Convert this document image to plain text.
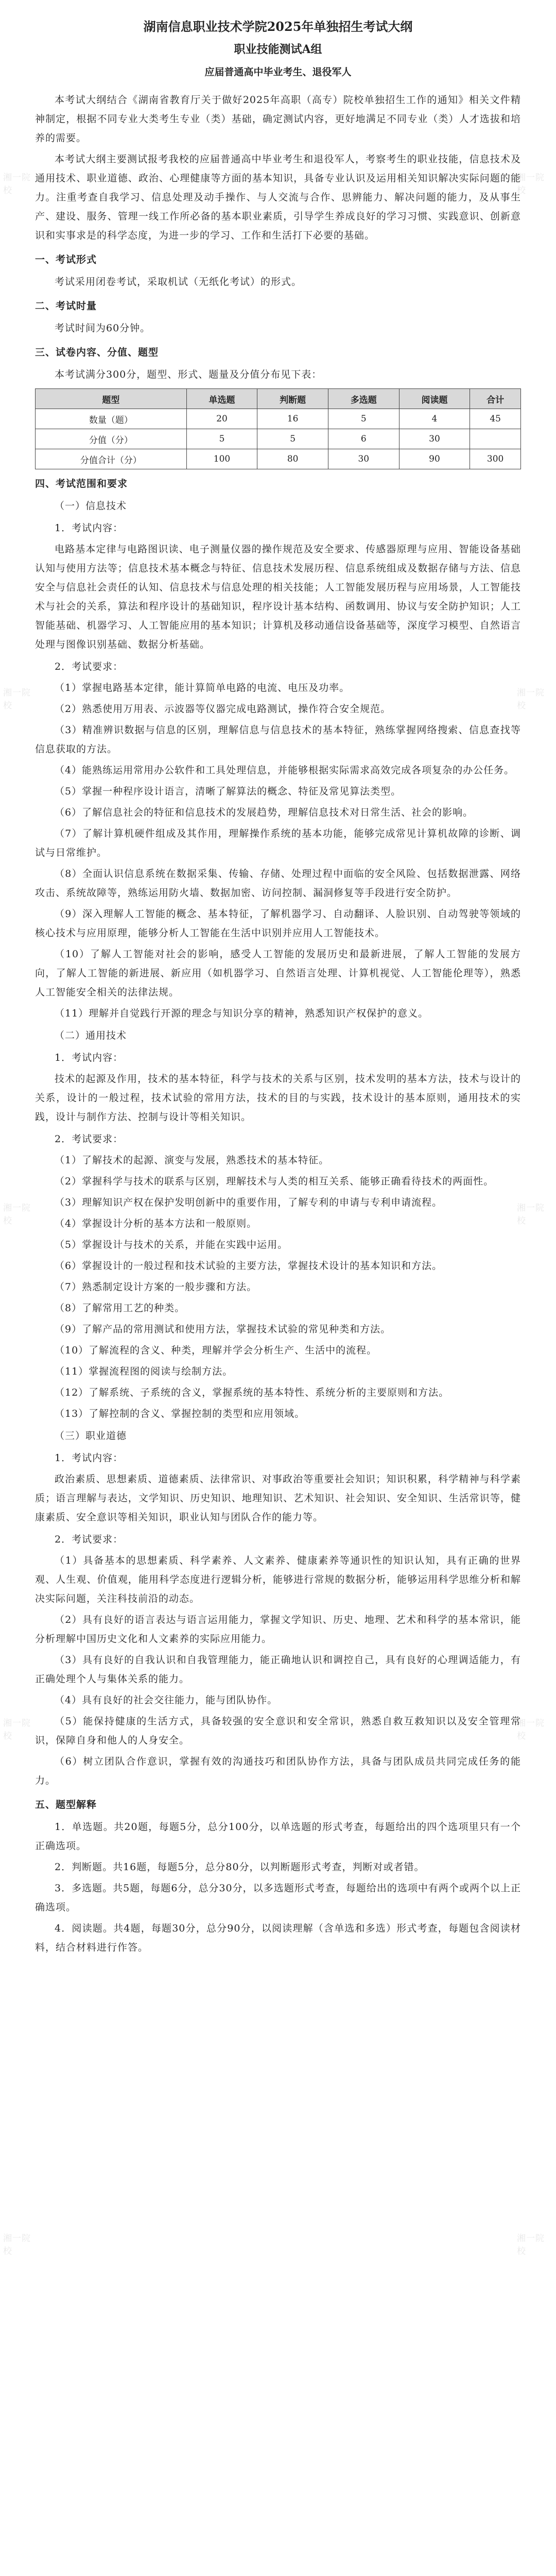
湖南信息职业技术学院2025年单独招生考试大纲
职业技能测试A组
应届普通高中毕业考生、退役军人

本考试大纲结合《湖南省教育厅关于做好2025年高职（高专）院校单独招生工作的通知》相关文件精神制定，根据不同专业大类考生专业（类）基础，确定测试内容，更好地满足不同专业（类）人才选拔和培养的需要。

本考试大纲主要测试报考我校的应届普通高中毕业考生和退役军人，考察考生的职业技能，信息技术及通用技术、职业道德、政治、心理健康等方面的基本知识，具备专业认识及运用相关知识解决实际问题的能力。注重考查自我学习、信息处理及动手操作、与人交流与合作、思辨能力、解决问题的能力，及从事生产、建设、服务、管理一线工作所必备的基本职业素质，引导学生养成良好的学习习惯、实践意识、创新意识和实事求是的科学态度，为进一步的学习、工作和生活打下必要的基础。

一、考试形式

考试采用闭卷考试，采取机试（无纸化考试）的形式。

二、考试时量

考试时间为60分钟。

三、试卷内容、分值、题型

本考试满分300分，题型、形式、题量及分值分布见下表：

题型	单选题	判断题	多选题	阅读题	合计
数量（题）	20	16	5	4	45
分值（分）	5	5	6	30	
分值合计（分）	100	80	30	90	300
四、考试范围和要求
（一）信息技术
1．考试内容：

电路基本定律与电路图识读、电子测量仪器的操作规范及安全要求、传感器原理与应用、智能设备基础认知与使用方法等；信息技术基本概念与特征、信息技术发展历程、信息系统组成及数据存储与方法、信息安全与信息社会责任的认知、信息技术与信息处理的相关技能；人工智能发展历程与应用场景，人工智能技术与社会的关系，算法和程序设计的基础知识，程序设计基本结构、函数调用、协议与安全防护知识；人工智能基础、机器学习、人工智能应用的基本知识；计算机及移动通信设备基础等，深度学习模型、自然语言处理与图像识别基础、数据分析基础。

2．考试要求：

（1）掌握电路基本定律，能计算简单电路的电流、电压及功率。

（2）熟悉使用万用表、示波器等仪器完成电路测试，操作符合安全规范。

（3）精准辨识数据与信息的区别，理解信息与信息技术的基本特征，熟练掌握网络搜索、信息查找等信息获取的方法。

（4）能熟练运用常用办公软件和工具处理信息，并能够根据实际需求高效完成各项复杂的办公任务。

（5）掌握一种程序设计语言，清晰了解算法的概念、特征及常见算法类型。

（6）了解信息社会的特征和信息技术的发展趋势，理解信息技术对日常生活、社会的影响。

（7）了解计算机硬件组成及其作用，理解操作系统的基本功能，能够完成常见计算机故障的诊断、调试与日常维护。

（8）全面认识信息系统在数据采集、传输、存储、处理过程中面临的安全风险、包括数据泄露、网络攻击、系统故障等，熟练运用防火墙、数据加密、访问控制、漏洞修复等手段进行安全防护。

（9）深入理解人工智能的概念、基本特征，了解机器学习、自动翻译、人脸识别、自动驾驶等领域的核心技术与应用原理，能够分析人工智能在生活中识别并应用人工智能技术。

（10）了解人工智能对社会的影响，感受人工智能的发展历史和最新进展，了解人工智能的发展方向，了解人工智能的新进展、新应用（如机器学习、自然语言处理、计算机视觉、人工智能伦理等），熟悉人工智能安全相关的法律法规。

（11）理解并自觉践行开源的理念与知识分享的精神，熟悉知识产权保护的意义。

（二）通用技术
1．考试内容：

技术的起源及作用，技术的基本特征，科学与技术的关系与区别，技术发明的基本方法，技术与设计的关系，设计的一般过程，技术试验的常用方法，技术的目的与实践，技术设计的基本原则，通用技术的实践，设计与制作方法、控制与设计等相关知识。

2．考试要求：

（1）了解技术的起源、演变与发展，熟悉技术的基本特征。

（2）掌握科学与技术的联系与区别，理解技术与人类的相互关系、能够正确看待技术的两面性。

（3）理解知识产权在保护发明创新中的重要作用，了解专利的申请与专利申请流程。

（4）掌握设计分析的基本方法和一般原则。

（5）掌握设计与技术的关系，并能在实践中运用。

（6）掌握设计的一般过程和技术试验的主要方法，掌握技术设计的基本知识和方法。

（7）熟悉制定设计方案的一般步骤和方法。

（8）了解常用工艺的种类。

（9）了解产品的常用测试和使用方法，掌握技术试验的常见种类和方法。

（10）了解流程的含义、种类，理解并学会分析生产、生活中的流程。

（11）掌握流程图的阅读与绘制方法。

（12）了解系统、子系统的含义，掌握系统的基本特性、系统分析的主要原则和方法。

（13）了解控制的含义、掌握控制的类型和应用领域。

（三）职业道德
1．考试内容：

政治素质、思想素质、道德素质、法律常识、对事政治等重要社会知识；知识积累，科学精神与科学素质；语言理解与表达，文学知识、历史知识、地理知识、艺术知识、社会知识、安全知识、生活常识等，健康素质、安全意识等相关知识，职业认知与团队合作的能力等。

2．考试要求：

（1）具备基本的思想素质、科学素养、人文素养、健康素养等通识性的知识认知，具有正确的世界观、人生观、价值观，能用科学态度进行逻辑分析，能够进行常规的数据分析，能够运用科学思维分析和解决实际问题，关注科技前沿的动态。

（2）具有良好的语言表达与语言运用能力，掌握文学知识、历史、地理、艺术和科学的基本常识，能分析理解中国历史文化和人文素养的实际应用能力。

（3）具有良好的自我认识和自我管理能力，能正确地认识和调控自己，具有良好的心理调适能力，有正确处理个人与集体关系的能力。

（4）具有良好的社会交往能力，能与团队协作。

（5）能保持健康的生活方式，具备较强的安全意识和安全常识，熟悉自救互救知识以及安全管理常识，保障自身和他人的人身安全。

（6）树立团队合作意识，掌握有效的沟通技巧和团队协作方法，具备与团队成员共同完成任务的能力。

五、题型解释

1．单选题。共20题，每题5分，总分100分，以单选题的形式考查，每题给出的四个选项里只有一个正确选项。

2．判断题。共16题，每题5分，总分80分，以判断题形式考查，判断对或者错。

3．多选题。共5题，每题6分，总分30分，以多选题形式考查，每题给出的选项中有两个或两个以上正确选项。

4．阅读题。共4题，每题30分，总分90分，以阅读理解（含单选和多选）形式考查，每题包含阅读材料，结合材料进行作答。

湘一院校
湘一院校
湘一院校
湘一院校
湘一院校
湘一院校
湘一院校
湘一院校
湘一院校
湘一院校
